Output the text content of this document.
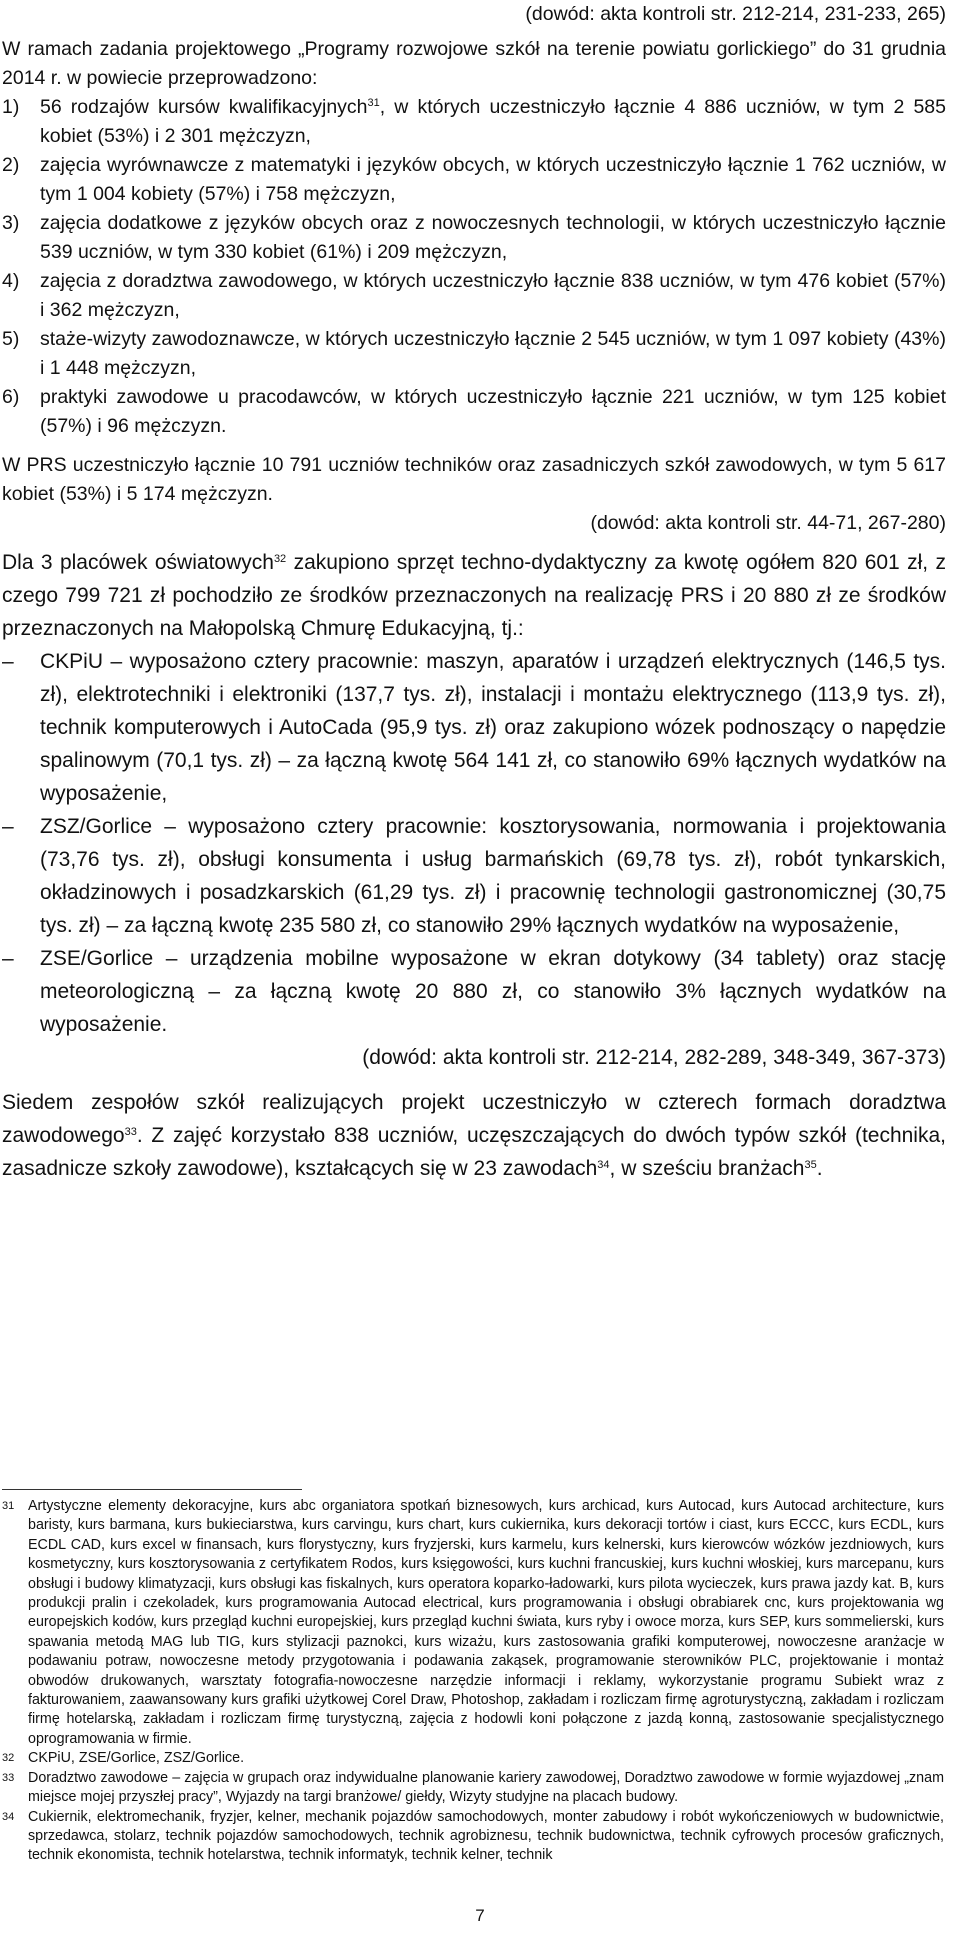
(dowód: akta kontroli str. 212-214, 231-233, 265)

W ramach zadania projektowego „Programy rozwojowe szkół na terenie powiatu gorlickiego” do 31 grudnia 2014 r. w powiecie przeprowadzono:

1) 56 rodzajów kursów kwalifikacyjnych$^{31}$, w których uczestniczyło łącznie 4 886 uczniów, w tym 2 585 kobiet (53%) i 2 301 mężczyzn,
2) zajęcia wyrównawcze z matematyki i języków obcych, w których uczestniczyło łącznie 1 762 uczniów, w tym 1 004 kobiety (57%) i 758 mężczyzn,
3) zajęcia dodatkowe z języków obcych oraz z nowoczesnych technologii, w których uczestniczyło łącznie 539 uczniów, w tym 330 kobiet (61%) i 209 mężczyzn,
4) zajęcia z doradztwa zawodowego, w których uczestniczyło łącznie 838 uczniów, w tym 476 kobiet (57%) i 362 mężczyzn,
5) staże-wizyty zawodoznawcze, w których uczestniczyło łącznie 2 545 uczniów, w tym 1 097 kobiety (43%) i 1 448 mężczyzn,
6) praktyki zawodowe u pracodawców, w których uczestniczyło łącznie 221 uczniów, w tym 125 kobiet (57%) i 96 mężczyzn.

W PRS uczestniczyło łącznie 10 791 uczniów techników oraz zasadniczych szkół zawodowych, w tym 5 617 kobiet (53%) i 5 174 mężczyzn.

(dowód: akta kontroli str. 44-71, 267-280)

Dla 3 placówek oświatowych$^{32}$ zakupiono sprzęt techno-dydaktyczny za kwotę ogółem 820 601 zł, z czego 799 721 zł pochodziło ze środków przeznaczonych na realizację PRS i 20 880 zł ze środków przeznaczonych na Małopolską Chmurę Edukacyjną, tj.:

– CKPiU – wyposażono cztery pracownie: maszyn, aparatów i urządzeń elektrycznych (146,5 tys. zł), elektrotechniki i elektroniki (137,7 tys. zł), instalacji i montażu elektrycznego (113,9 tys. zł), technik komputerowych i AutoCada (95,9 tys. zł) oraz zakupiono wózek podnoszący o napędzie spalinowym (70,1 tys. zł) – za łączną kwotę 564 141 zł, co stanowiło 69% łącznych wydatków na wyposażenie,
– ZSZ/Gorlice – wyposażono cztery pracownie: kosztorysowania, normowania i projektowania (73,76 tys. zł), obsługi konsumenta i usług barmańskich (69,78 tys. zł), robót tynkarskich, okładzinowych i posadzkarskich (61,29 tys. zł) i pracownię technologii gastronomicznej (30,75 tys. zł) – za łączną kwotę 235 580 zł, co stanowiło 29% łącznych wydatków na wyposażenie,
– ZSE/Gorlice – urządzenia mobilne wyposażone w ekran dotykowy (34 tablety) oraz stację meteorologiczną – za łączną kwotę 20 880 zł, co stanowiło 3% łącznych wydatków na wyposażenie.
(dowód: akta kontroli str. 212-214, 282-289, 348-349, 367-373)

Siedem zespołów szkół realizujących projekt uczestniczyło w czterech formach doradztwa zawodowego$^{33}$. Z zajęć korzystało 838 uczniów, uczęszczających do dwóch typów szkół (technika, zasadnicze szkoły zawodowe), kształcących się w 23 zawodach$^{34}$, w sześciu branżach$^{35}$.

31 Artystyczne elementy dekoracyjne, kurs abc organiatora spotkań biznesowych, kurs archicad, kurs Autocad, kurs Autocad architecture, kurs baristy, kurs barmana, kurs bukieciarstwa, kurs carvingu, kurs chart, kurs cukiernika, kurs dekoracji tortów i ciast, kurs ECCC, kurs ECDL, kurs ECDL CAD, kurs excel w finansach, kurs florystyczny, kurs fryzjerski, kurs karmelu, kurs kelnerski, kurs kierowców wózków jezdniowych, kurs kosmetyczny, kurs kosztorysowania z certyfikatem Rodos, kurs księgowości, kurs kuchni francuskiej, kurs kuchni włoskiej, kurs marcepanu, kurs obsługi i budowy klimatyzacji, kurs obsługi kas fiskalnych, kurs operatora koparko-ładowarki, kurs pilota wycieczek, kurs prawa jazdy kat. B, kurs produkcji pralin i czekoladek, kurs programowania Autocad electrical, kurs programowania i obsługi obrabiarek cnc, kurs projektowania wg europejskich kodów, kurs przegląd kuchni europejskiej, kurs przegląd kuchni świata, kurs ryby i owoce morza, kurs SEP, kurs sommelierski, kurs spawania metodą MAG lub TIG, kurs stylizacji paznokci, kurs wizażu, kurs zastosowania grafiki komputerowej, nowoczesne aranżacje w podawaniu potraw, nowoczesne metody przygotowania i podawania zakąsek, programowanie sterowników PLC, projektowanie i montaż obwodów drukowanych, warsztaty fotografia-nowoczesne narzędzie informacji i reklamy, wykorzystanie programu Subiekt wraz z fakturowaniem, zaawansowany kurs grafiki użytkowej Corel Draw, Photoshop, zakładam i rozliczam firmę agroturystyczną, zakładam i rozliczam firmę hotelarską, zakładam i rozliczam firmę turystyczną, zajęcia z hodowli koni połączone z jazdą konną, zastosowanie specjalistycznego oprogramowania w firmie.
32 CKPiU, ZSE/Gorlice, ZSZ/Gorlice.
33 Doradztwo zawodowe – zajęcia w grupach oraz indywidualne planowanie kariery zawodowej, Doradztwo zawodowe w formie wyjazdowej „znam miejsce mojej przyszłej pracy”, Wyjazdy na targi branżowe/ giełdy, Wizyty studyjne na placach budowy.
34 Cukiernik, elektromechanik, fryzjer, kelner, mechanik pojazdów samochodowych, monter zabudowy i robót wykończeniowych w budownictwie, sprzedawca, stolarz, technik pojazdów samochodowych, technik agrobiznesu, technik budownictwa, technik cyfrowych procesów graficznych, technik ekonomista, technik hotelarstwa, technik informatyk, technik kelner, technik
7
